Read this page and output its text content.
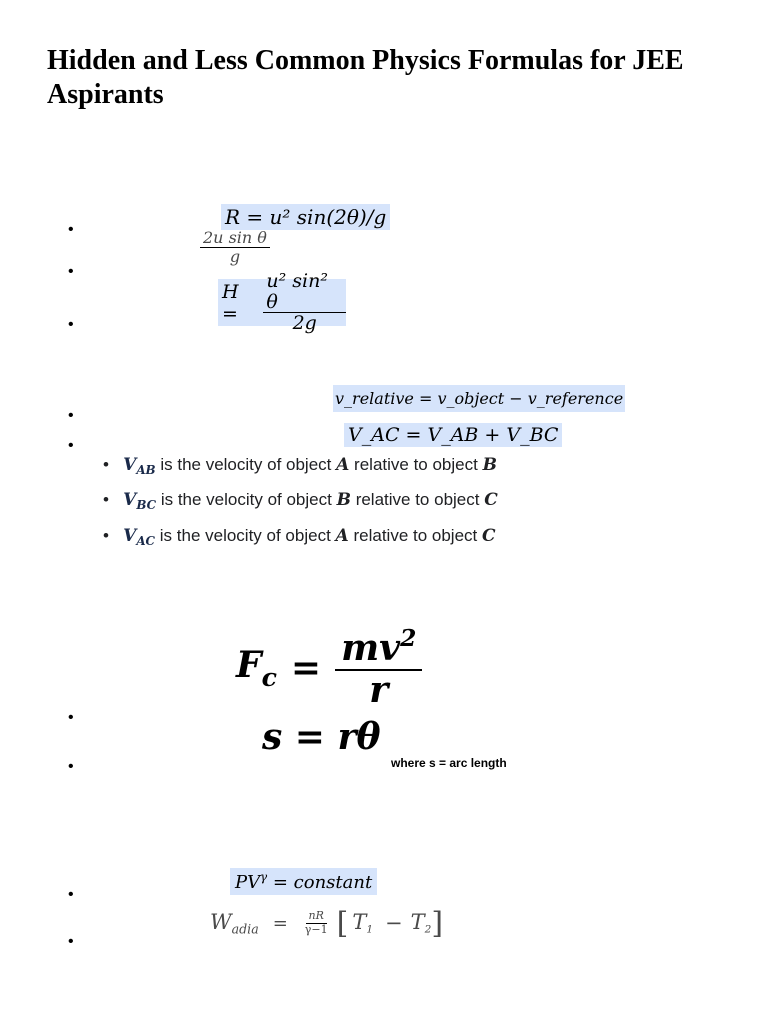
Hidden and Less Common Physics Formulas for JEE Aspirants
•
R = u² sin(2θ)/g
•
$\frac{\text{2u sin θ}}{g}$
•
H =	$\frac{\text{u² sin² θ}}{2g}$
•
v_relative = v_object − v_reference
•	V_AC = V_AB + V_BC
• $V_{AB}$ is the velocity of object A relative to object B
• $V_{BC}$ is the velocity of object B relative to object C
• $V_{AC}$ is the velocity of object A relative to object C
•
$F_c = \frac{mv^2}{r}$
•
s = rθ
where s = arc length
•
$PV^\gamma$ = constant
•
$W_{adia} = \frac{nR}{\gamma-1}$ [ $T_1 - T_2$ ]
